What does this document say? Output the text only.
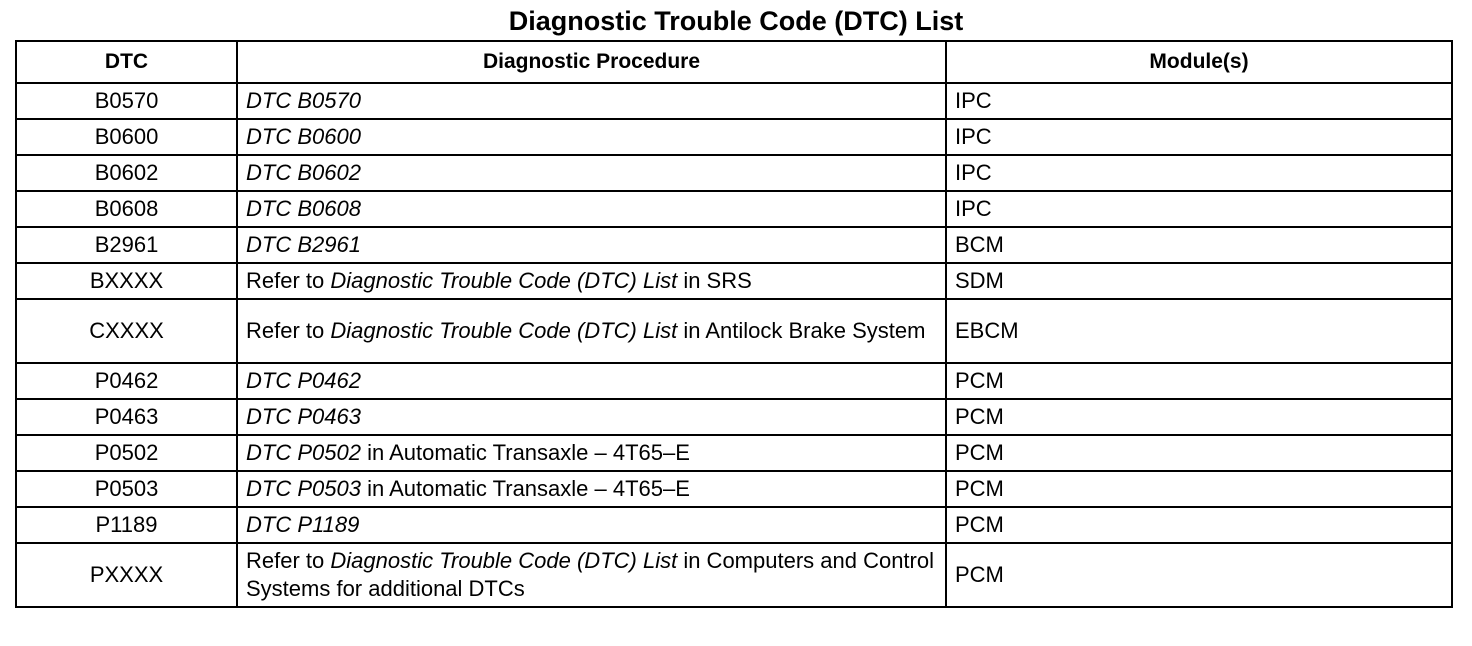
Diagnostic Trouble Code (DTC) List
DTC	Diagnostic Procedure	Module(s)
B0570	DTC B0570	IPC
B0600	DTC B0600	IPC
B0602	DTC B0602	IPC
B0608	DTC B0608	IPC
B2961	DTC B2961	BCM
BXXXX	Refer to Diagnostic Trouble Code (DTC) List in SRS	SDM
CXXXX	Refer to Diagnostic Trouble Code (DTC) List in Antilock Brake System	EBCM
P0462	DTC P0462	PCM
P0463	DTC P0463	PCM
P0502	DTC P0502 in Automatic Transaxle – 4T65–E	PCM
P0503	DTC P0503 in Automatic Transaxle – 4T65–E	PCM
P1189	DTC P1189	PCM
PXXXX	Refer to Diagnostic Trouble Code (DTC) List in Computers and Control Systems for additional DTCs	PCM
